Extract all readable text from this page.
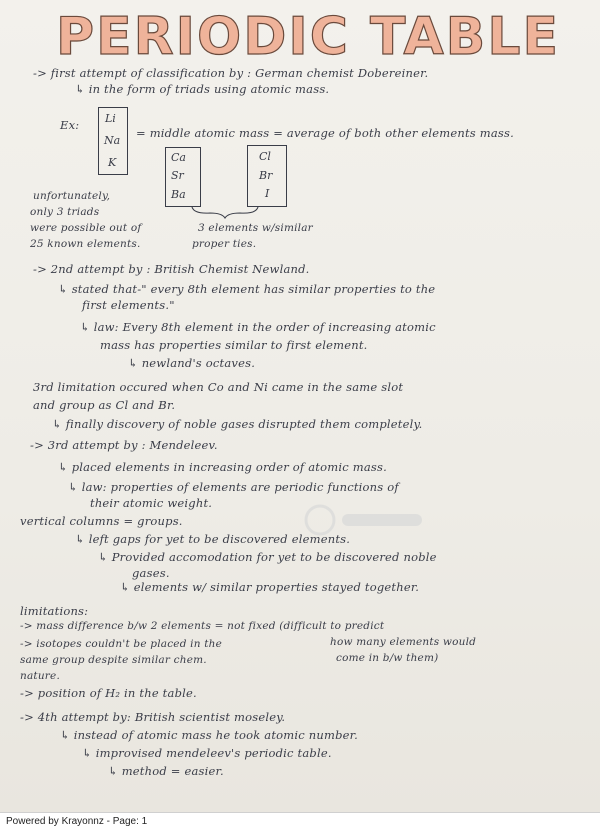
PERIODIC TABLE
-> first attempt of classification by : German chemist Dobereiner.
↳ in the form of triads using atomic mass.
Ex: Li
Na
K
= middle atomic mass = average of both other elements mass.
Ca
Sr
Ba
Cl
Br
I
unfortunately,
only 3 triads
were possible out of
25 known elements.
3 elements w/similar
proper ties.
-> 2nd attempt by : British Chemist Newland.
↳ stated that-" every 8th element has similar properties to the
first elements."
↳ law: Every 8th element in the order of increasing atomic
mass has properties similar to first element.
↳ newland's octaves.
3rd limitation occured when Co and Ni came in the same slot
and group as Cl and Br.
↳ finally discovery of noble gases disrupted them completely.
-> 3rd attempt by : Mendeleev.
↳ placed elements in increasing order of atomic mass.
↳ law: properties of elements are periodic functions of
their atomic weight.
vertical columns = groups.
↳ left gaps for yet to be discovered elements.
↳ Provided accomodation for yet to be discovered noble
gases.
↳ elements w/ similar properties stayed together.
limitations:
-> mass difference b/w 2 elements = not fixed (difficult to predict
how many elements would
come in b/w them)
-> isotopes couldn't be placed in the
same group despite similar chem.
nature.
-> position of H₂ in the table.
-> 4th attempt by: British scientist moseley.
↳ instead of atomic mass he took atomic number.
↳ improvised mendeleev's periodic table.
↳ method = easier.
Powered by Krayonnz - Page: 1
